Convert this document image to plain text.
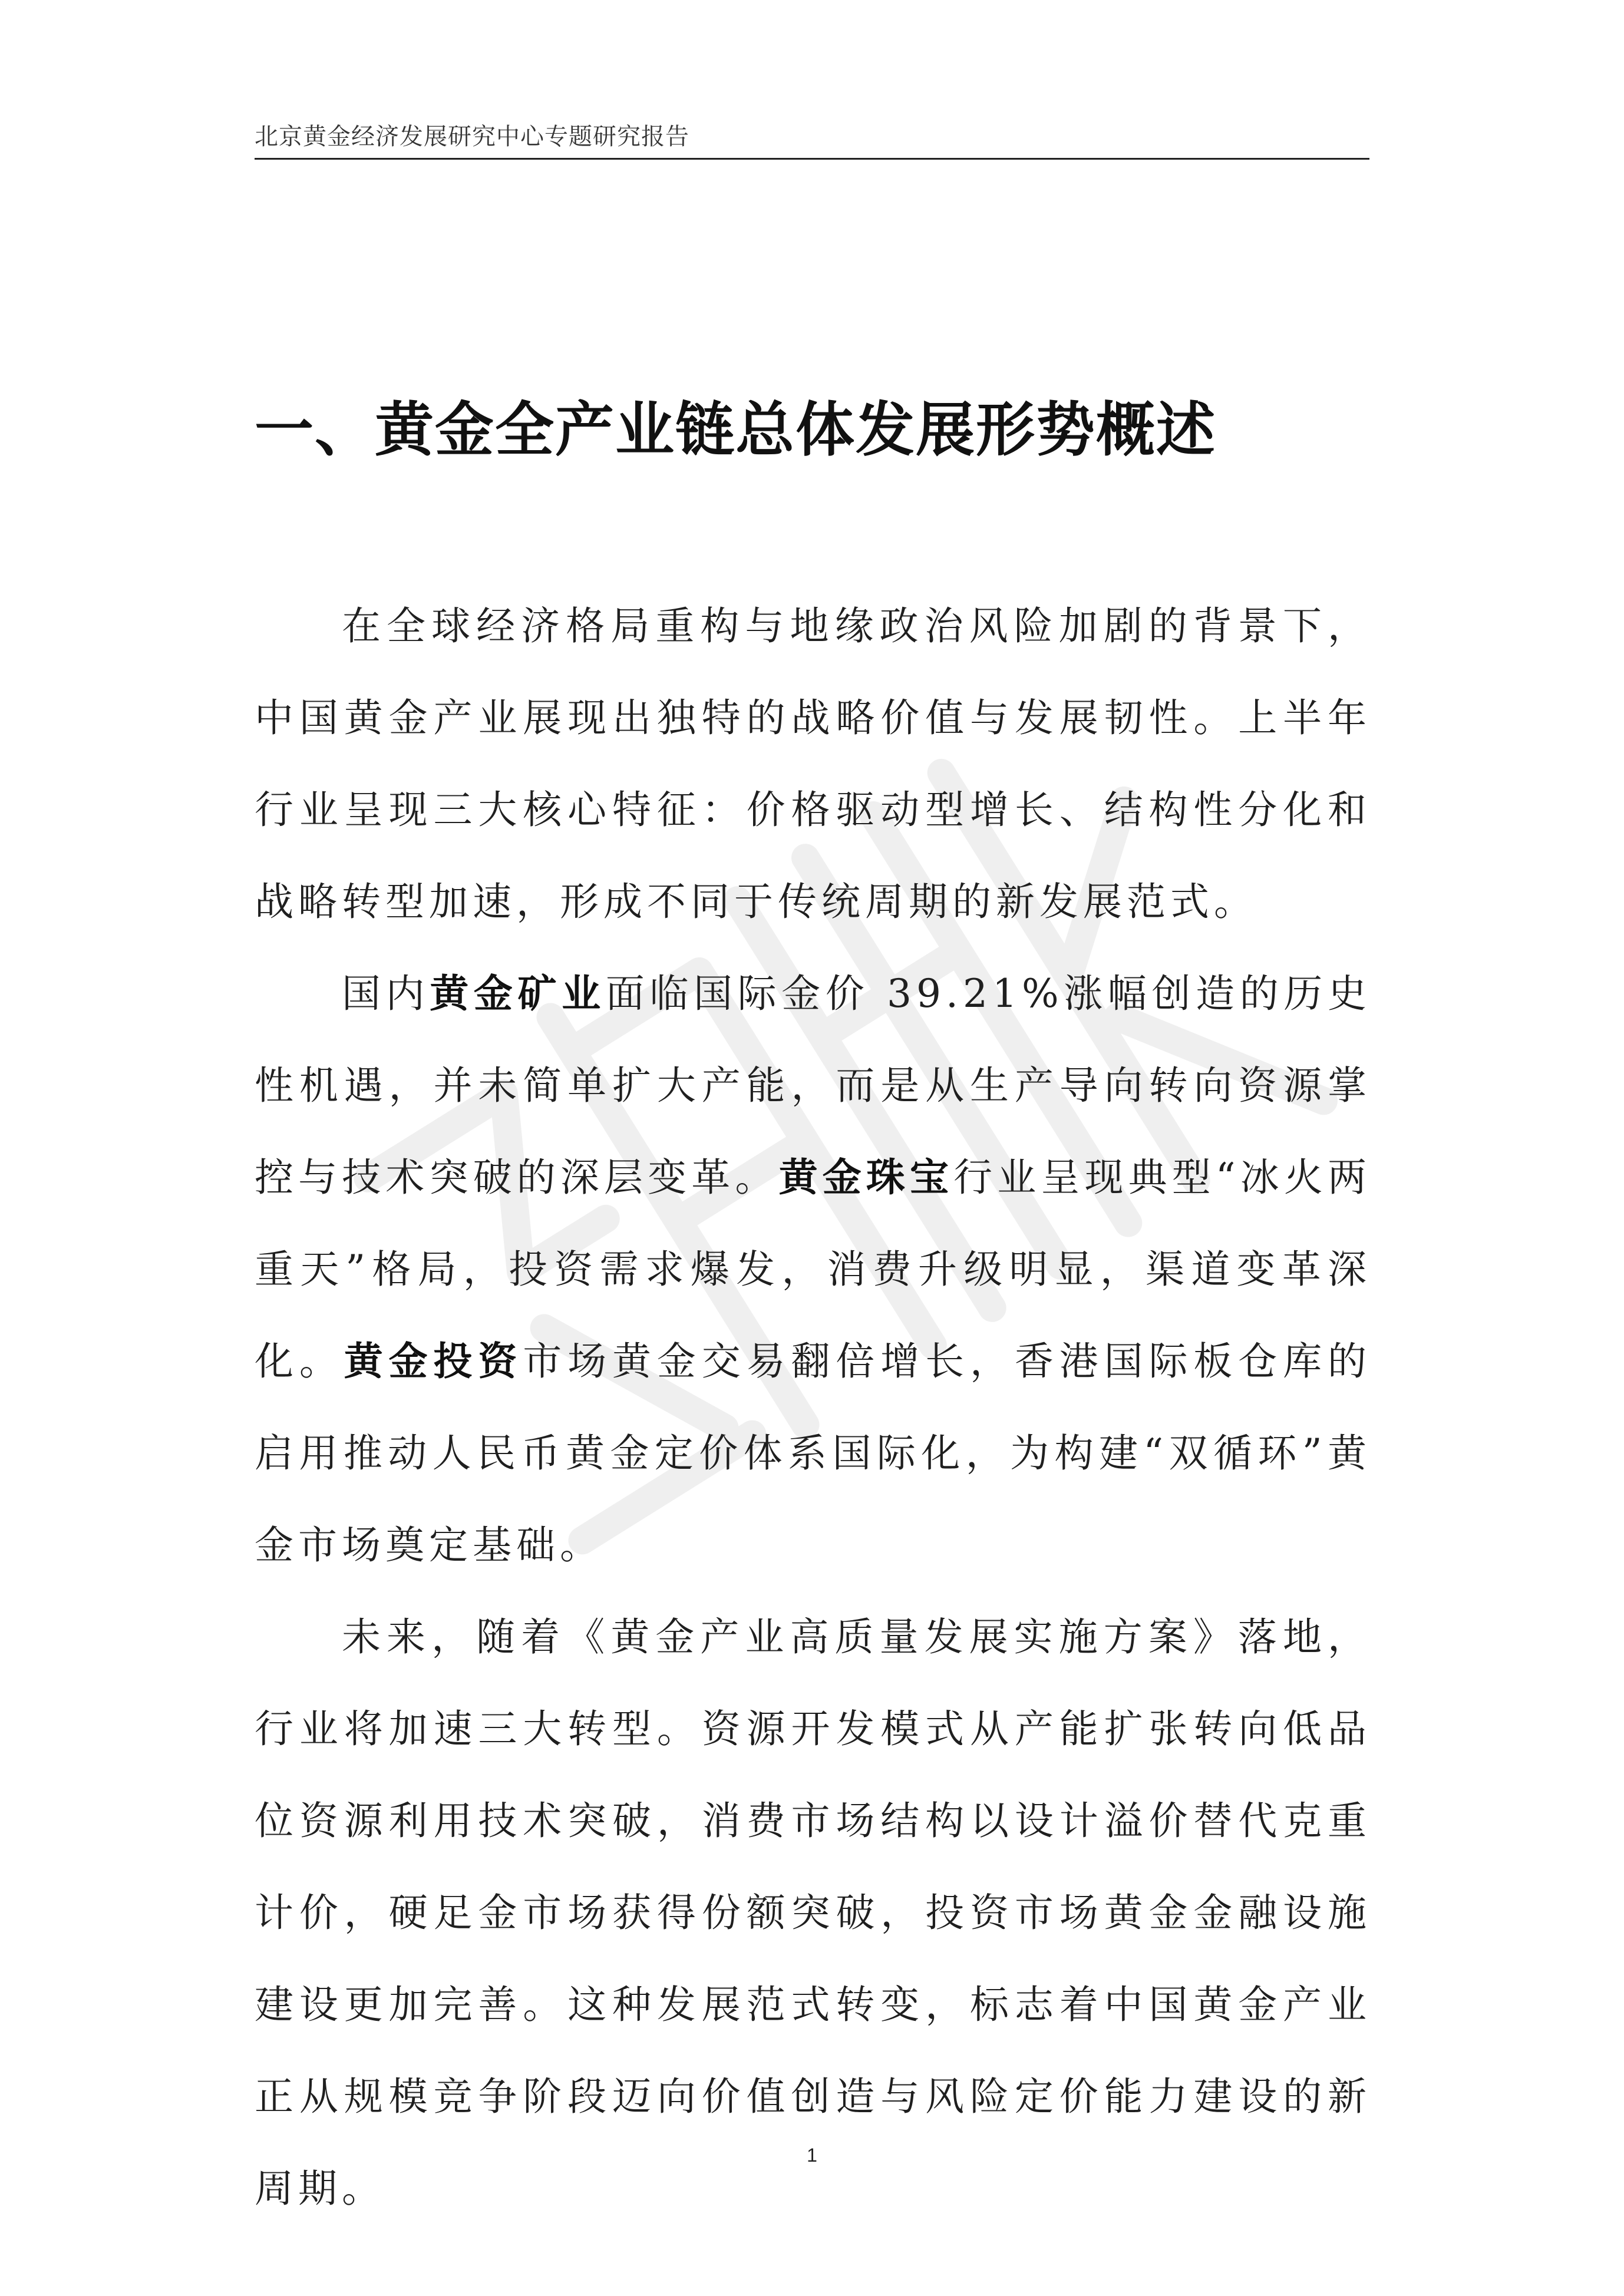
北京黄金经济发展研究中心专题研究报告
一、黄金全产业链总体发展形势概述

在全球经济格局重构与地缘政治风险加剧的背景下，中国黄金产业展现出独特的战略价值与发展韧性。上半年行业呈现三大核心特征：价格驱动型增长、结构性分化和战略转型加速，形成不同于传统周期的新发展范式。

国内黄金矿业面临国际金价 39.21%涨幅创造的历史性机遇，并未简单扩大产能，而是从生产导向转向资源掌控与技术突破的深层变革。黄金珠宝行业呈现典型“冰火两重天”格局，投资需求爆发，消费升级明显，渠道变革深化。黄金投资市场黄金交易翻倍增长，香港国际板仓库的启用推动人民币黄金定价体系国际化，为构建“双循环”黄金市场奠定基础。

未来，随着《黄金产业高质量发展实施方案》落地，行业将加速三大转型。资源开发模式从产能扩张转向低品位资源利用技术突破，消费市场结构以设计溢价替代克重计价，硬足金市场获得份额突破，投资市场黄金金融设施建设更加完善。这种发展范式转变，标志着中国黄金产业正从规模竞争阶段迈向价值创造与风险定价能力建设的新周期。

1
